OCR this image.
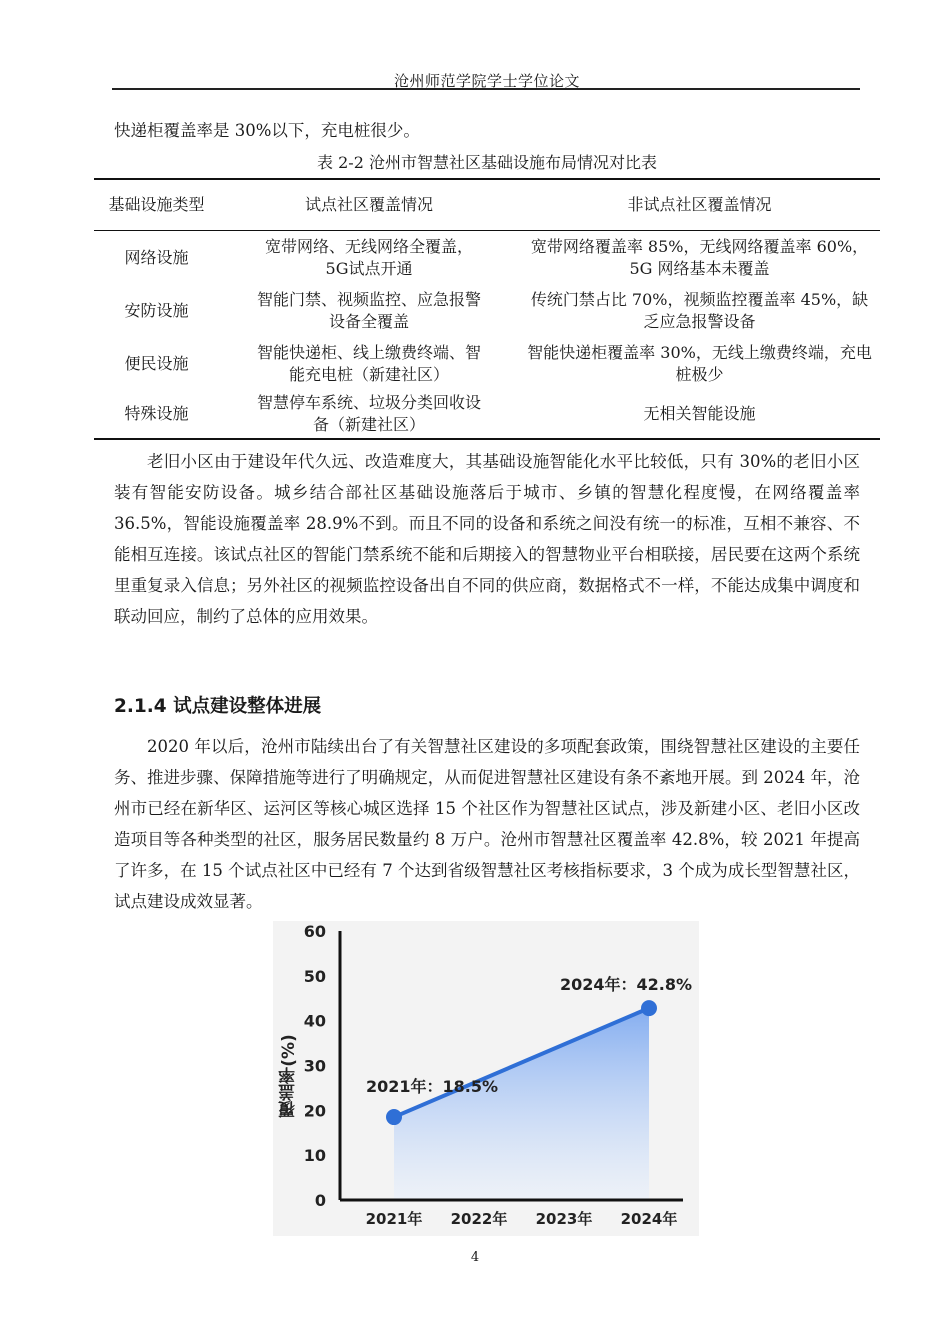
沧州师范学院学士学位论文

快递柜覆盖率是 30%以下，充电桩很少。

表 2-2 沧州市智慧社区基础设施布局情况对比表
基础设施类型	试点社区覆盖情况	非试点社区覆盖情况
网络设施	宽带网络、无线网络全覆盖，5G试点开通	宽带网络覆盖率 85%，无线网络覆盖率 60%，5G 网络基本未覆盖
安防设施	智能门禁、视频监控、应急报警设备全覆盖	传统门禁占比 70%，视频监控覆盖率 45%，缺乏应急报警设备
便民设施	智能快递柜、线上缴费终端、智能充电桩（新建社区）	智能快递柜覆盖率 30%，无线上缴费终端，充电桩极少
特殊设施	智慧停车系统、垃圾分类回收设备（新建社区）	无相关智能设施

老旧小区由于建设年代久远、改造难度大，其基础设施智能化水平比较低，只有 30%的老旧小区装有智能安防设备。城乡结合部社区基础设施落后于城市、乡镇的智慧化程度慢，在网络覆盖率 36.5%，智能设施覆盖率 28.9%不到。而且不同的设备和系统之间没有统一的标准，互相不兼容、不能相互连接。该试点社区的智能门禁系统不能和后期接入的智慧物业平台相联接，居民要在这两个系统里重复录入信息；另外社区的视频监控设备出自不同的供应商，数据格式不一样，不能达成集中调度和联动回应，制约了总体的应用效果。

2.1.4 试点建设整体进展

2020 年以后，沧州市陆续出台了有关智慧社区建设的多项配套政策，围绕智慧社区建设的主要任务、推进步骤、保障措施等进行了明确规定，从而促进智慧社区建设有条不紊地开展。到 2024 年，沧州市已经在新华区、运河区等核心城区选择 15 个社区作为智慧社区试点，涉及新建小区、老旧小区改造项目等各种类型的社区，服务居民数量约 8 万户。沧州市智慧社区覆盖率 42.8%，较 2021 年提高了许多，在 15 个试点社区中已经有 7 个达到省级智慧社区考核指标要求，3 个成为成长型智慧社区，试点建设成效显著。

0
10
20
30
40
50
60
2021年 2022年 2023年 2024年
覆盖率(%)	2021年：18.5%
2024年：42.8%
4
